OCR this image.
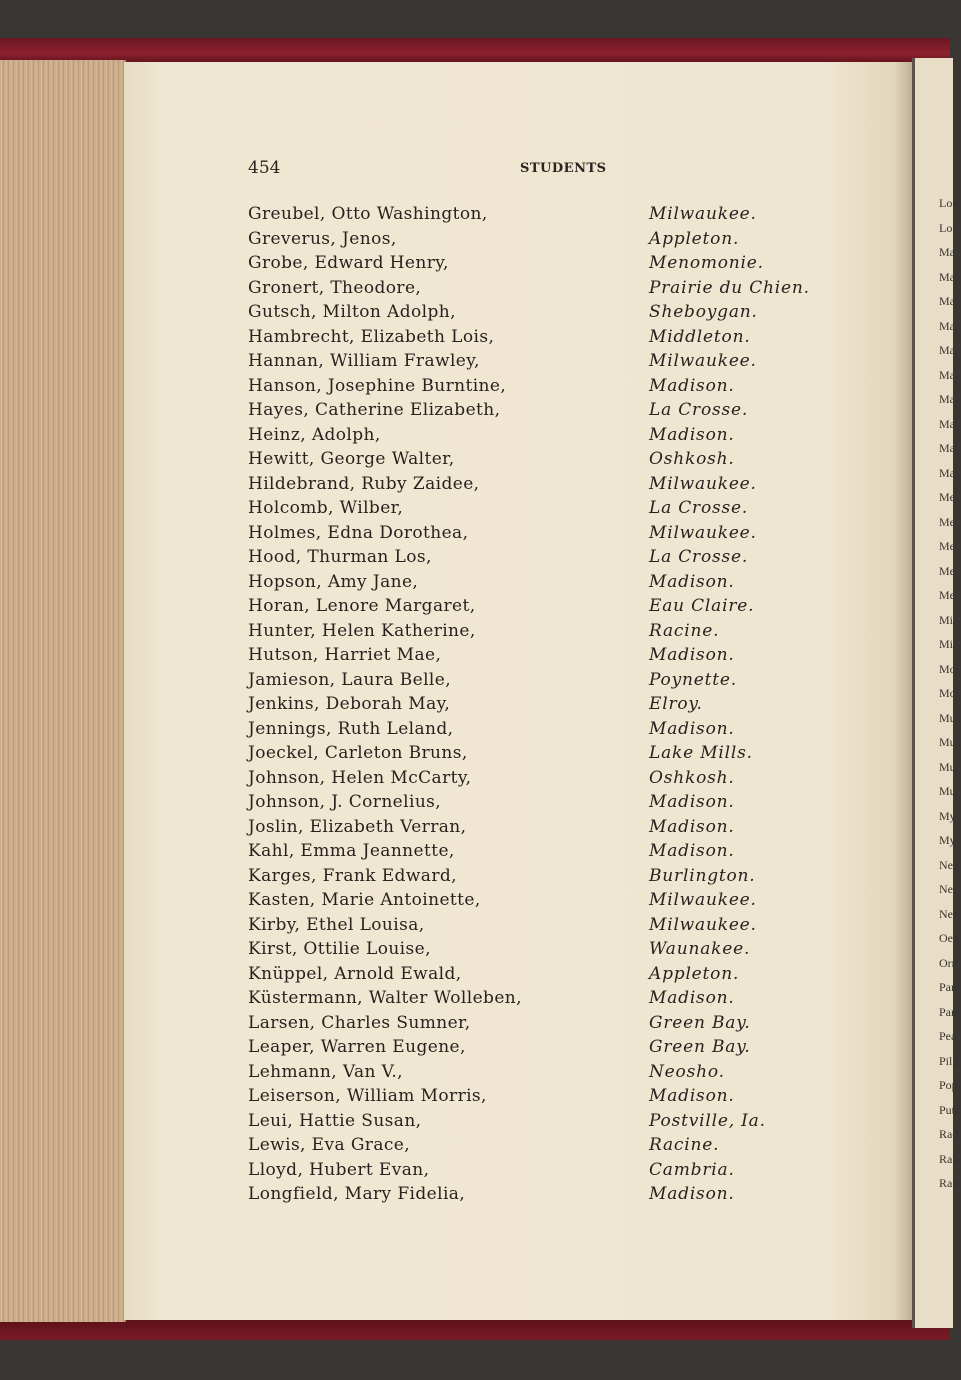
454	STUDENTS
Greubel, Otto Washington,	Milwaukee.
Greverus, Jenos,	Appleton.
Grobe, Edward Henry,	Menomonie.
Gronert, Theodore,	Prairie du Chien.
Gutsch, Milton Adolph,	Sheboygan.
Hambrecht, Elizabeth Lois,	Middleton.
Hannan, William Frawley,	Milwaukee.
Hanson, Josephine Burntine,	Madison.
Hayes, Catherine Elizabeth,	La Crosse.
Heinz, Adolph,	Madison.
Hewitt, George Walter,	Oshkosh.
Hildebrand, Ruby Zaidee,	Milwaukee.
Holcomb, Wilber,	La Crosse.
Holmes, Edna Dorothea,	Milwaukee.
Hood, Thurman Los,	La Crosse.
Hopson, Amy Jane,	Madison.
Horan, Lenore Margaret,	Eau Claire.
Hunter, Helen Katherine,	Racine.
Hutson, Harriet Mae,	Madison.
Jamieson, Laura Belle,	Poynette.
Jenkins, Deborah May,	Elroy.
Jennings, Ruth Leland,	Madison.
Joeckel, Carleton Bruns,	Lake Mills.
Johnson, Helen McCarty,	Oshkosh.
Johnson, J. Cornelius,	Madison.
Joslin, Elizabeth Verran,	Madison.
Kahl, Emma Jeannette,	Madison.
Karges, Frank Edward,	Burlington.
Kasten, Marie Antoinette,	Milwaukee.
Kirby, Ethel Louisa,	Milwaukee.
Kirst, Ottilie Louise,	Waunakee.
Knüppel, Arnold Ewald,	Appleton.
Küstermann, Walter Wolleben,	Madison.
Larsen, Charles Sumner,	Green Bay.
Leaper, Warren Eugene,	Green Bay.
Lehmann, Van V.,	Neosho.
Leiserson, William Morris,	Madison.
Leui, Hattie Susan,	Postville, Ia.
Lewis, Eva Grace,	Racine.
Lloyd, Hubert Evan,	Cambria.
Longfield, Mary Fidelia,	Madison.
Loe
Lou
Ma
Ma
Ma
Ma
Ma
Ma
Ma
Ma
Ma
Ma
Me
Me
Me
Me
Me
Mil
Mil
Moe
Mor
Mu
Mul
Mur
Mur
Mye
Mye
Neh
Nel
Nep
Oeh
Orr
Par
Par
Pea
Pilg
Pop
Putt
Rad
Rah
Ran
